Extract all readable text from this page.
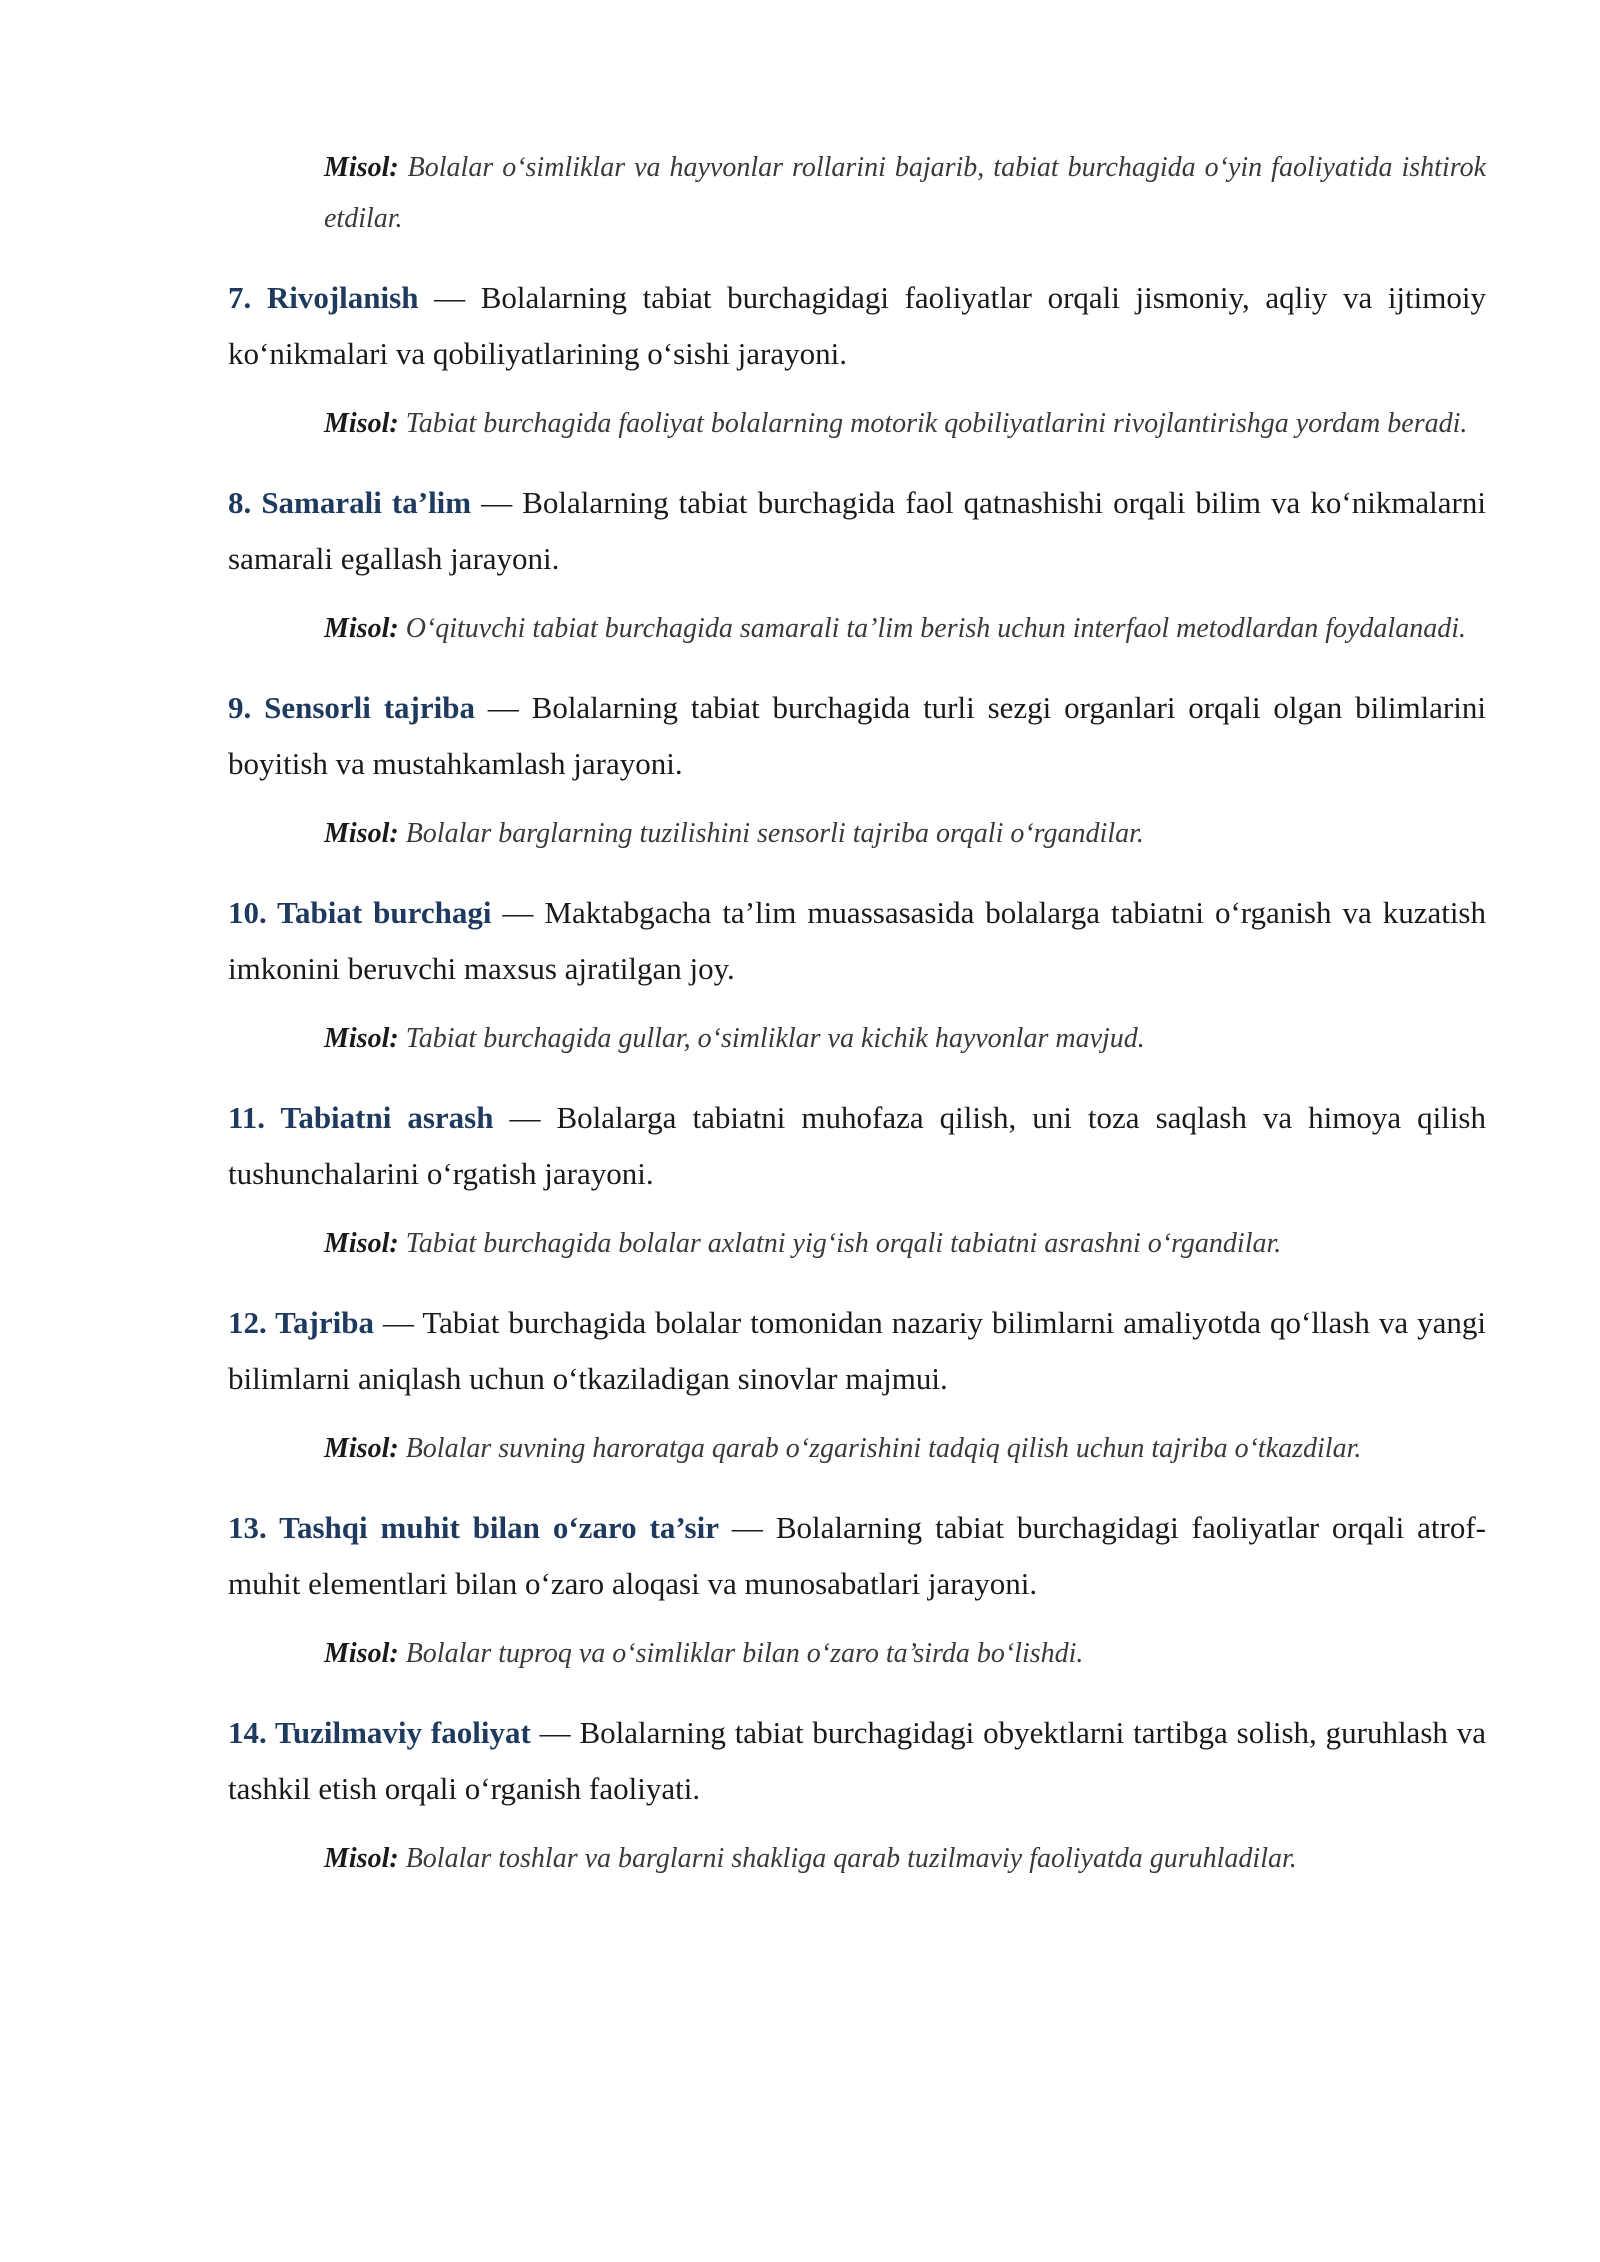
Misol: Bolalar o‘simliklar va hayvonlar rollarini bajarib, tabiat burchagida o‘yin faoliyatida ishtirok etdilar.

7. Rivojlanish — Bolalarning tabiat burchagidagi faoliyatlar orqali jismoniy, aqliy va ijtimoiy ko‘nikmalari va qobiliyatlarining o‘sishi jarayoni.

Misol: Tabiat burchagida faoliyat bolalarning motorik qobiliyatlarini rivojlantirishga yordam beradi.

8. Samarali ta’lim — Bolalarning tabiat burchagida faol qatnashishi orqali bilim va ko‘nikmalarni samarali egallash jarayoni.

Misol: O‘qituvchi tabiat burchagida samarali ta’lim berish uchun interfaol metodlardan foydalanadi.

9. Sensorli tajriba — Bolalarning tabiat burchagida turli sezgi organlari orqali olgan bilimlarini boyitish va mustahkamlash jarayoni.

Misol: Bolalar barglarning tuzilishini sensorli tajriba orqali o‘rgandilar.

10. Tabiat burchagi — Maktabgacha ta’lim muassasasida bolalarga tabiatni o‘rganish va kuzatish imkonini beruvchi maxsus ajratilgan joy.

Misol: Tabiat burchagida gullar, o‘simliklar va kichik hayvonlar mavjud.

11. Tabiatni asrash — Bolalarga tabiatni muhofaza qilish, uni toza saqlash va himoya qilish tushunchalarini o‘rgatish jarayoni.

Misol: Tabiat burchagida bolalar axlatni yig‘ish orqali tabiatni asrashni o‘rgandilar.

12. Tajriba — Tabiat burchagida bolalar tomonidan nazariy bilimlarni amaliyotda qo‘llash va yangi bilimlarni aniqlash uchun o‘tkaziladigan sinovlar majmui.

Misol: Bolalar suvning haroratga qarab o‘zgarishini tadqiq qilish uchun tajriba o‘tkazdilar.

13. Tashqi muhit bilan o‘zaro ta’sir — Bolalarning tabiat burchagidagi faoliyatlar orqali atrof-muhit elementlari bilan o‘zaro aloqasi va munosabatlari jarayoni.

Misol: Bolalar tuproq va o‘simliklar bilan o‘zaro ta’sirda bo‘lishdi.

14. Tuzilmaviy faoliyat — Bolalarning tabiat burchagidagi obyektlarni tartibga solish, guruhlash va tashkil etish orqali o‘rganish faoliyati.

Misol: Bolalar toshlar va barglarni shakliga qarab tuzilmaviy faoliyatda guruhladilar.
